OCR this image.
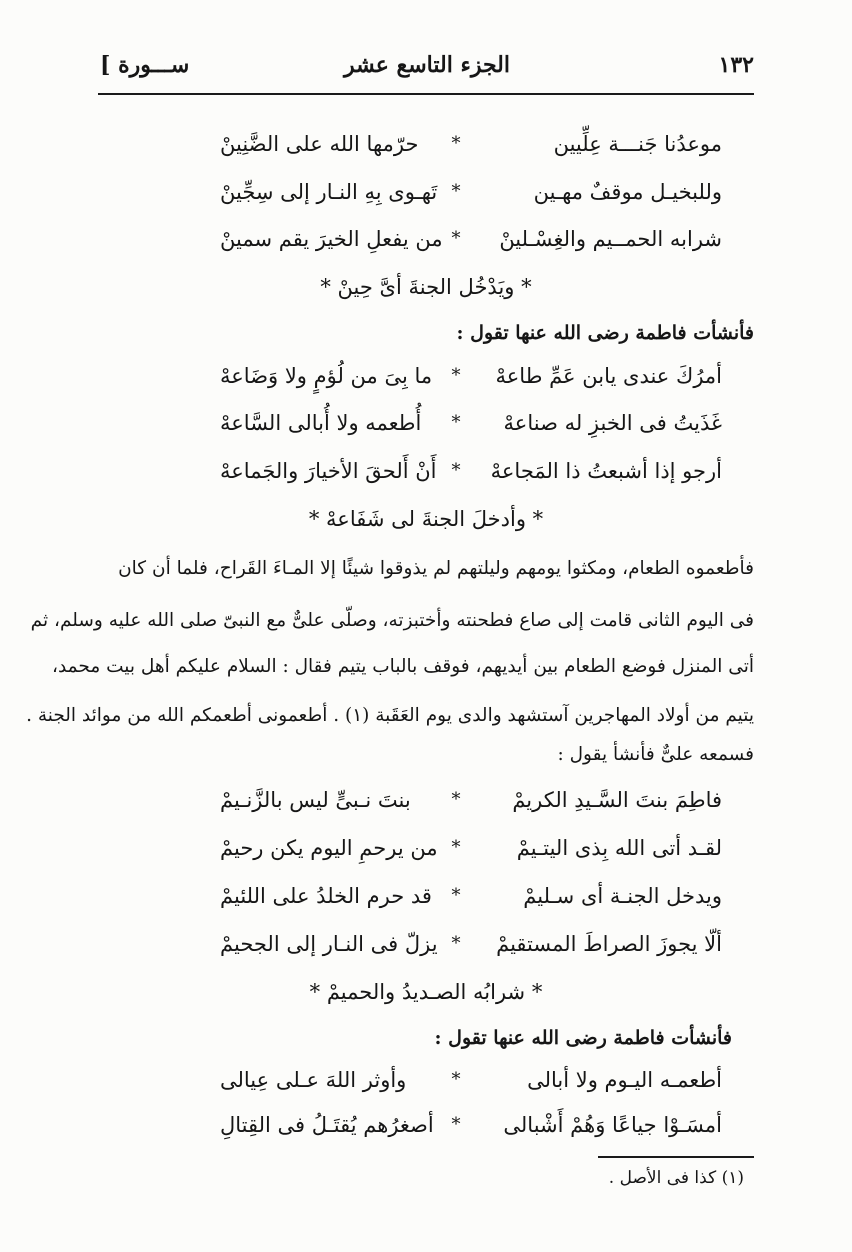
١٣٢
الجزء التاسع عشر
[ ســـورة
موعدُنا جَنـــة عِلِّيين
*
حرّمها الله على الضَّنِينْ
وللبخيـل موقفٌ مهـين
*
تَهـوى بِهِ النـار إلى سِجِّينْ
شرابه الحمــيم والغِسْـلينْ
*
من يفعلِ الخيرَ يقم سمينْ
* ويَدْخُل الجنةَ أىَّ حِينْ *
فأنشأت فاطمة رضى الله عنها تقول :
أمرُكَ عندى يابن عَمِّ طاعهْ
*
ما بِىَ من لُؤمٍ ولا وَضَاعهْ
غَذَيتُ فى الخبزِ له صناعهْ
*
أُطعمه ولا أُبالى السَّاعهْ
أرجو إذا أشبعتُ ذا المَجاعهْ
*
أَنْ أَلحقَ الأخيارَ والجَماعهْ
* وأدخلَ الجنةَ لى شَفَاعهْ *
فأطعموه الطعام، ومكثوا يومهم وليلتهم لم يذوقوا شيئًا إلا المـاءَ القَراح، فلما أن كان
فى اليوم الثانى قامت إلى صاع فطحنته وأختبزته، وصلّى علىٌّ مع النبىّ صلى الله عليه وسلم، ثم
أتى المنزل فوضع الطعام بين أيديهم، فوقف بالباب يتيم فقال : السلام عليكم أهل بيت محمد،
يتيم من أولاد المهاجرين آستشهد والدى يوم العَقَبة (١) . أطعمونى أطعمكم الله من موائد الجنة .
فسمعه علىٌّ فأنشأ يقول :
فاطِمَ بنتَ السَّـيدِ الكريمْ
*
بنتَ نـبىٍّ ليس بالزَّنـيمْ
لقـد أتى الله بِذى اليتـيمْ
*
من يرحمِ اليوم يكن رحيمْ
ويدخل الجنـة أى سـليمْ
*
قد حرم الخلدُ على اللئيمْ
ألّا يجوزَ الصراطَ المستقيمْ
*
يزلّ فى النـار إلى الجحيمْ
* شرابُه الصـديدُ والحميمْ *
فأنشأت فاطمة رضى الله عنها تقول :
أطعمـه اليـوم ولا أبالى
*
وأوثر اللهَ عـلى عِيالى
أمسَـوْا جياعًا وَهُمْ أَشْبالى
*
أصغرُهم يُقتَـلُ فى القِتالِ
(١) كذا فى الأصل .
